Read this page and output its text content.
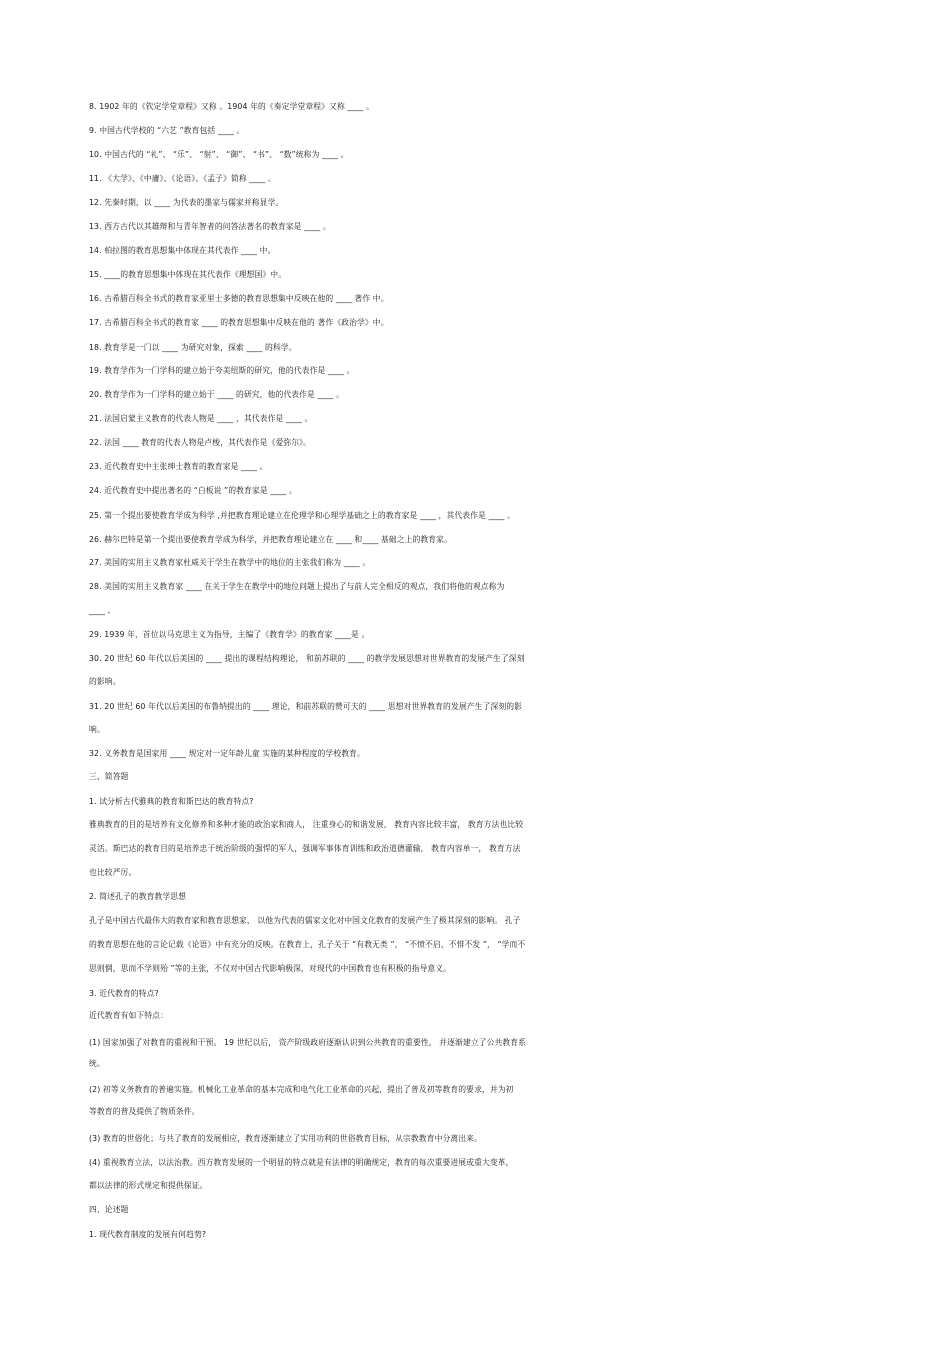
8. 1902 年的《钦定学堂章程》又称 。1904 年的《奏定学堂章程》又称 ____ 。
9. 中国古代学校的 “六艺 ”教育包括 ____ 。
10. 中国古代的 “礼”、 “乐”、 “射”、 “御”、 “书”、 “数”统称为 ____ 。
11. 《大学》、《中庸》、《论语》、《孟子》简称 ____ 。
12. 先秦时期，以 ____ 为代表的墨家与儒家并称显学。
13. 西方古代以其雄辩和与青年智者的问答法著名的教育家是 ____ 。
14. 柏拉图的教育思想集中体现在其代表作 ____ 中。
15. ____的教育思想集中体现在其代表作《理想国》中。
16. 古希腊百科全书式的教育家亚里士多德的教育思想集中反映在他的 ____ 著作 中。
17. 古希腊百科全书式的教育家 ____ 的教育思想集中反映在他的 著作《政治学》中。
18. 教育学是一门以 ____ 为研究对象，探索 ____ 的科学。
19. 教育学作为一门学科的建立始于夸美纽斯的研究，他的代表作是 ____ 。
20. 教育学作为一门学科的建立始于 ____ 的研究，他的代表作是 ____ 。
21. 法国启蒙主义教育的代表人物是 ____ ，其代表作是 ____ 。
22. 法国 ____ 教育的代表人物是卢梭，其代表作是《爱弥尔》。
23. 近代教育史中主张绅士教育的教育家是 ____ 。
24. 近代教育史中提出著名的 “白板说 ”的教育家是 ____ 。
25. 第一个提出要使教育学成为科学 ,并把教育理论建立在伦理学和心理学基础之上的教育家是 ____ ，其代表作是 ____ 。
26. 赫尔巴特是第一个提出要使教育学成为科学，并把教育理论建立在 ____ 和____ 基础之上的教育家。
27. 美国的实用主义教育家杜威关于学生在教学中的地位的主张我们称为 ____ 。
28. 美国的实用主义教育家 ____ 在关于学生在教学中的地位问题上提出了与前人完全相反的观点，我们将他的观点称为
____ 。
29. 1939 年，首位以马克思主义为指导，主编了《教育学》的教育家 ____是 。
30. 20 世纪 60 年代以后美国的 ____ 提出的课程结构理论， 和前苏联的 ____ 的教学发展思想对世界教育的发展产生了深刻
的影响。
31. 20 世纪 60 年代以后美国的布鲁纳提出的 ____ 理论，和前苏联的赞可夫的 ____ 思想对世界教育的发展产生了深刻的影
响。
32. 义务教育是国家用 ____ 规定对一定年龄儿童 实施的某种程度的学校教育。
三、简答题
1. 试分析古代雅典的教育和斯巴达的教育特点?
雅典教育的目的是培养有文化修养和多种才能的政治家和商人， 注重身心的和谐发展， 教育内容比较丰富， 教育方法也比较
灵活。斯巴达的教育目的是培养忠于统治阶级的强悍的军人，强调军事体育训练和政治道德灌输， 教育内容单一， 教育方法
也比较严厉。
2. 简述孔子的教育教学思想
孔子是中国古代最伟大的教育家和教育思想家， 以他为代表的儒家文化对中国文化教育的发展产生了极其深刻的影响。 孔子
的教育思想在他的言论记载《论语》中有充分的反映。在教育上，孔子关于 “有教无类 ”， “不愤不启，不悱不发 ”， “学而不
思则惘，思而不学则殆 ”等的主张，不仅对中国古代影响极深，对现代的中国教育也有积极的指导意义。
3. 近代教育的特点?
近代教育有如下特点：
(1) 国家加强了对教育的重视和干预。 19 世纪以后， 资产阶级政府逐渐认识到公共教育的重要性， 并逐渐建立了公共教育系
统。
(2) 初等义务教育的普遍实施。机械化工业革命的基本完成和电气化工业革命的兴起，提出了普及初等教育的要求，并为初
等教育的普及提供了物质条件。
(3) 教育的世俗化；与共了教育的发展相应，教育逐渐建立了实用功利的世俗教育目标，从宗教教育中分离出来。
(4) 重视教育立法，以法治教。西方教育发展的一个明显的特点就是有法律的明确规定，教育的每次重要进展或重大变革，
都以法律的形式规定和提供保证。
四、论述题
1. 现代教育制度的发展有何趋势?
